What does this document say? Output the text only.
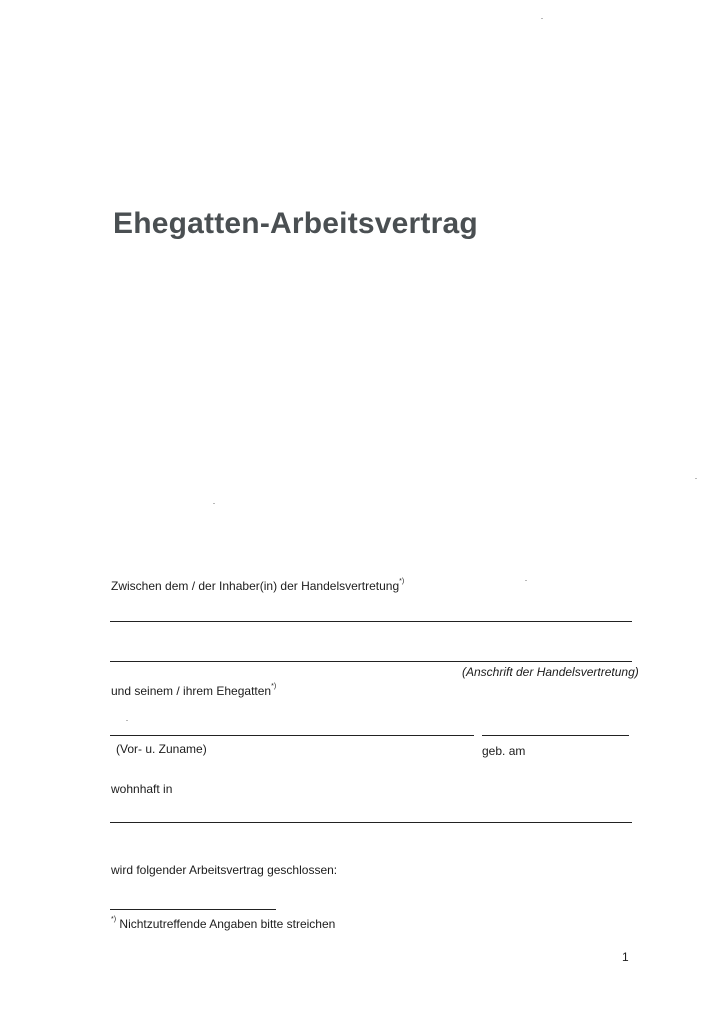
Ehegatten-Arbeitsvertrag
Zwischen dem / der Inhaber(in) der Handelsvertretung*)
(Anschrift der Handelsvertretung)
und seinem / ihrem Ehegatten*)
(Vor- u. Zuname)	geb. am
wohnhaft in
wird folgender Arbeitsvertrag geschlossen:
*) Nichtzutreffende Angaben bitte streichen
1
